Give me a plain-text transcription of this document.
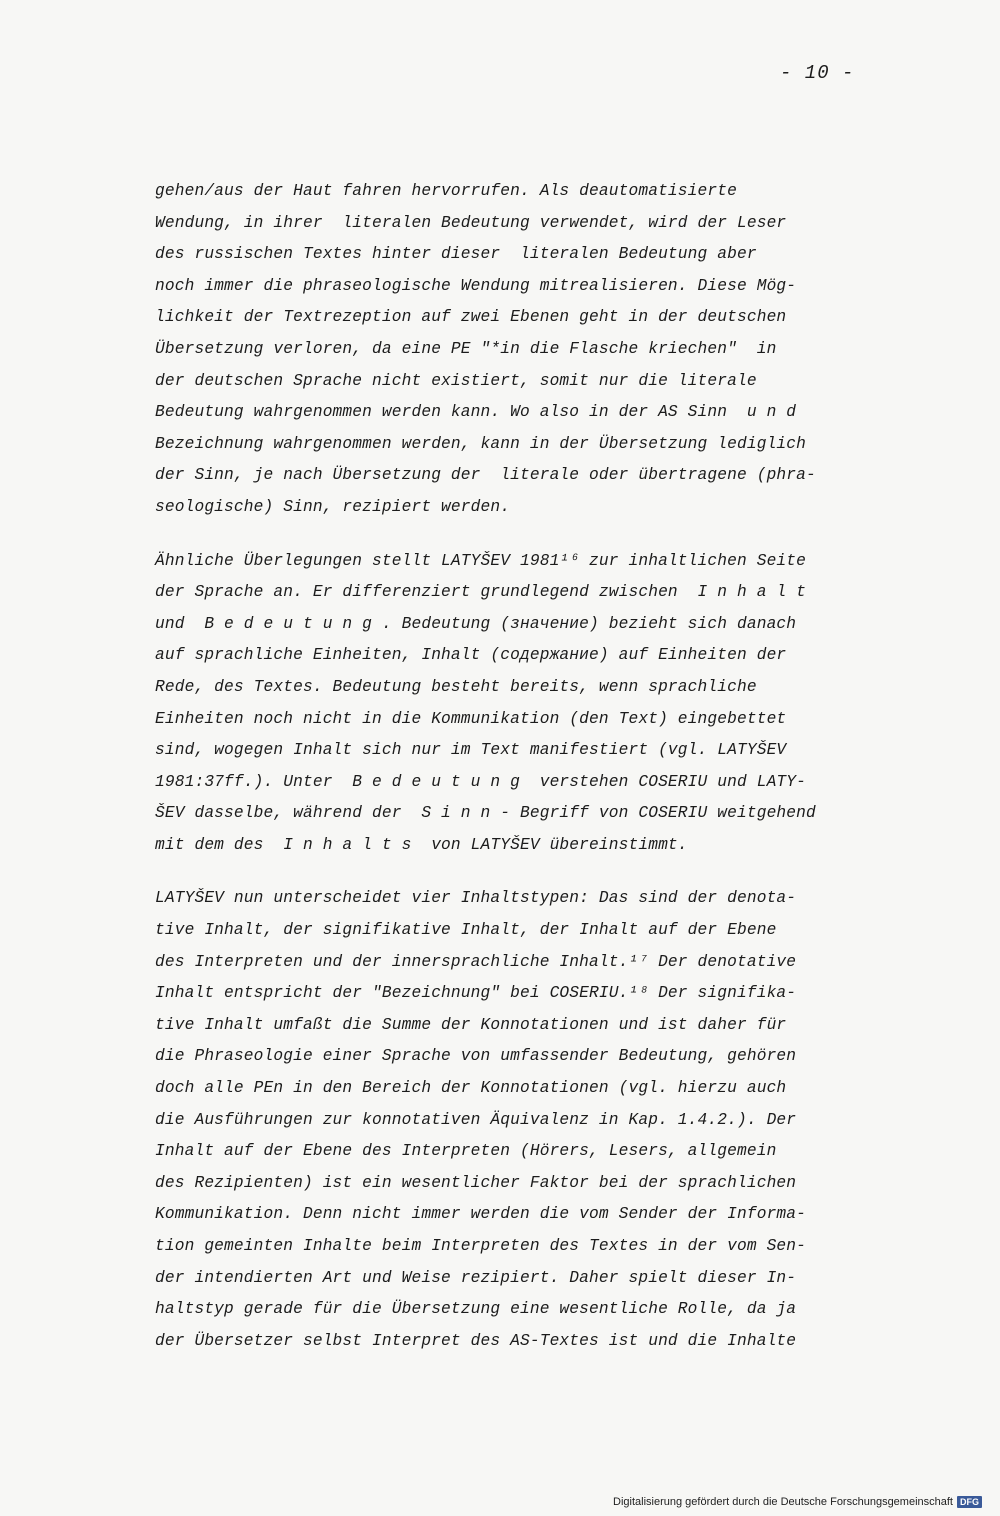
- 10 -
gehen/aus der Haut fahren hervorrufen. Als deautomatisierte
Wendung, in ihrer  literalen Bedeutung verwendet, wird der Leser
des russischen Textes hinter dieser  literalen Bedeutung aber
noch immer die phraseologische Wendung mitrealisieren. Diese Mög-
lichkeit der Textrezeption auf zwei Ebenen geht in der deutschen
Übersetzung verloren, da eine PE "*in die Flasche kriechen"  in
der deutschen Sprache nicht existiert, somit nur die literale
Bedeutung wahrgenommen werden kann. Wo also in der AS Sinn  u n d
Bezeichnung wahrgenommen werden, kann in der Übersetzung lediglich
der Sinn, je nach Übersetzung der  literale oder übertragene (phra-
seologische) Sinn, rezipiert werden.
Ähnliche Überlegungen stellt LATYŠEV 1981¹⁶ zur inhaltlichen Seite
der Sprache an. Er differenziert grundlegend zwischen  I n h a l t
und  B e d e u t u n g . Bedeutung (значение) bezieht sich danach
auf sprachliche Einheiten, Inhalt (содержание) auf Einheiten der
Rede, des Textes. Bedeutung besteht bereits, wenn sprachliche
Einheiten noch nicht in die Kommunikation (den Text) eingebettet
sind, wogegen Inhalt sich nur im Text manifestiert (vgl. LATYŠEV
1981:37ff.). Unter  B e d e u t u n g  verstehen COSERIU und LATY-
ŠEV dasselbe, während der  S i n n - Begriff von COSERIU weitgehend
mit dem des  I n h a l t s  von LATYŠEV übereinstimmt.
LATYŠEV nun unterscheidet vier Inhaltstypen: Das sind der denota-
tive Inhalt, der signifikative Inhalt, der Inhalt auf der Ebene
des Interpreten und der innersprachliche Inhalt.¹⁷ Der denotative
Inhalt entspricht der "Bezeichnung" bei COSERIU.¹⁸ Der signifika-
tive Inhalt umfaßt die Summe der Konnotationen und ist daher für
die Phraseologie einer Sprache von umfassender Bedeutung, gehören
doch alle PEn in den Bereich der Konnotationen (vgl. hierzu auch
die Ausführungen zur konnotativen Äquivalenz in Kap. 1.4.2.). Der
Inhalt auf der Ebene des Interpreten (Hörers, Lesers, allgemein
des Rezipienten) ist ein wesentlicher Faktor bei der sprachlichen
Kommunikation. Denn nicht immer werden die vom Sender der Informa-
tion gemeinten Inhalte beim Interpreten des Textes in der vom Sen-
der intendierten Art und Weise rezipiert. Daher spielt dieser In-
haltstyp gerade für die Übersetzung eine wesentliche Rolle, da ja
der Übersetzer selbst Interpret des AS-Textes ist und die Inhalte
Digitalisierung gefördert durch die Deutsche Forschungsgemeinschaft DFG
